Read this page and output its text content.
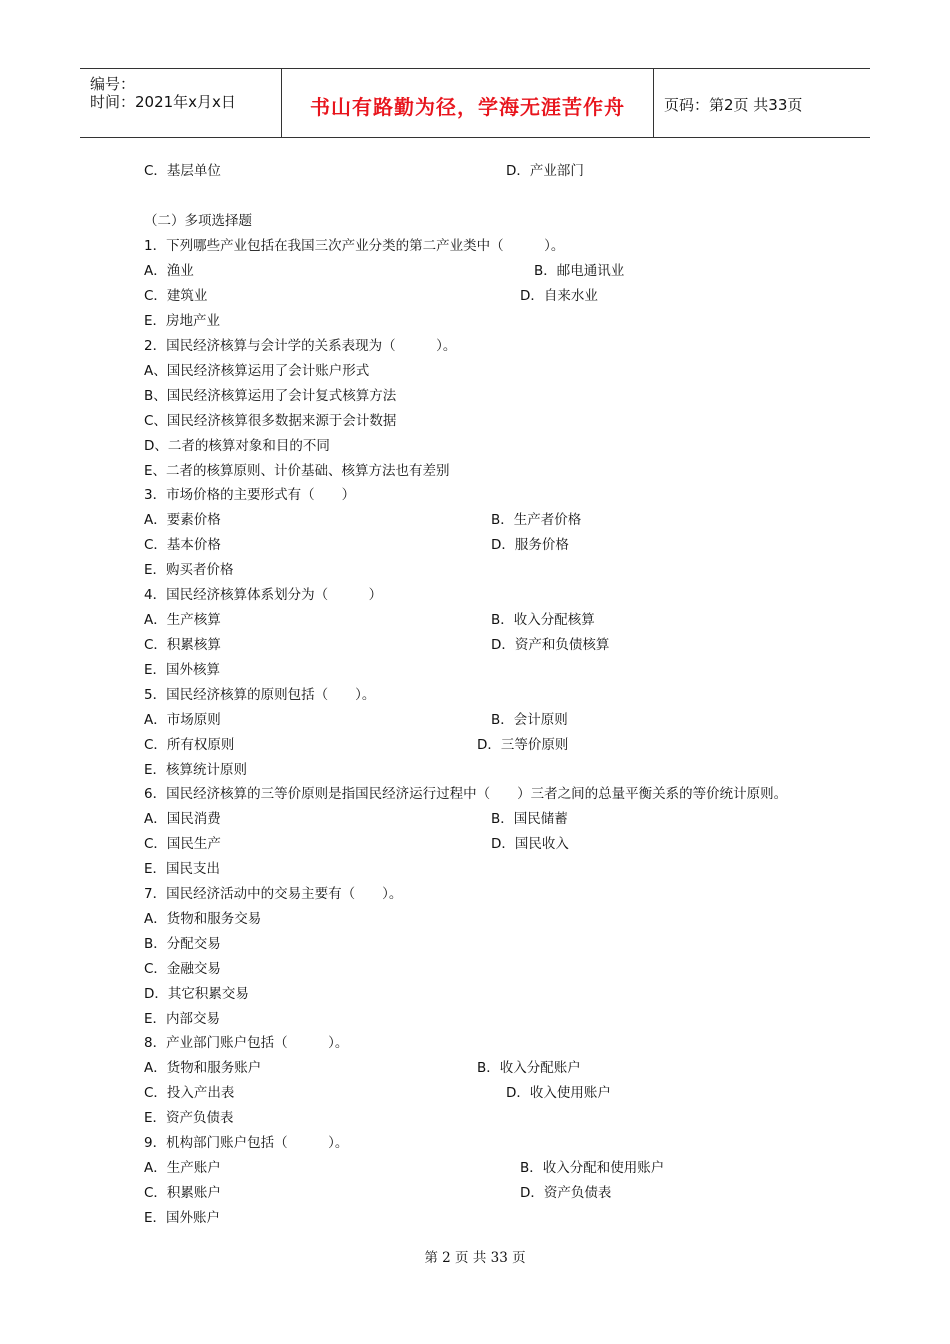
编号：
时间：2021年x月x日	书山有路勤为径，学海无涯苦作舟	页码：第2页 共33页
C．基层单位	D．产业部门
（二）多项选择题
1．下列哪些产业包括在我国三次产业分类的第二产业类中（　　　）。
A．渔业	B．邮电通讯业
C．建筑业	D．自来水业
E．房地产业
2．国民经济核算与会计学的关系表现为（　　　）。
A、国民经济核算运用了会计账户形式
B、国民经济核算运用了会计复式核算方法
C、国民经济核算很多数据来源于会计数据
D、二者的核算对象和目的不同
E、二者的核算原则、计价基础、核算方法也有差别
3．市场价格的主要形式有（　　）
A．要素价格	B．生产者价格
C．基本价格	D．服务价格
E．购买者价格
4．国民经济核算体系划分为（　　　）
A．生产核算	B．收入分配核算
C．积累核算	D．资产和负债核算
E．国外核算
5．国民经济核算的原则包括（　　）。
A．市场原则	B．会计原则
C．所有权原则	D．三等价原则
E．核算统计原则
6．国民经济核算的三等价原则是指国民经济运行过程中（　　）三者之间的总量平衡关系的等价统计原则。
A．国民消费	B．国民储蓄
C．国民生产	D．国民收入
E．国民支出
7．国民经济活动中的交易主要有（　　）。
A．货物和服务交易
B．分配交易
C．金融交易
D．其它积累交易
E．内部交易
8．产业部门账户包括（　　　）。
A．货物和服务账户	B．收入分配账户
C．投入产出表	D．收入使用账户
E．资产负债表
9．机构部门账户包括（　　　）。
A．生产账户	B．收入分配和使用账户
C．积累账户	D．资产负债表
E．国外账户
第 2 页 共 33 页
